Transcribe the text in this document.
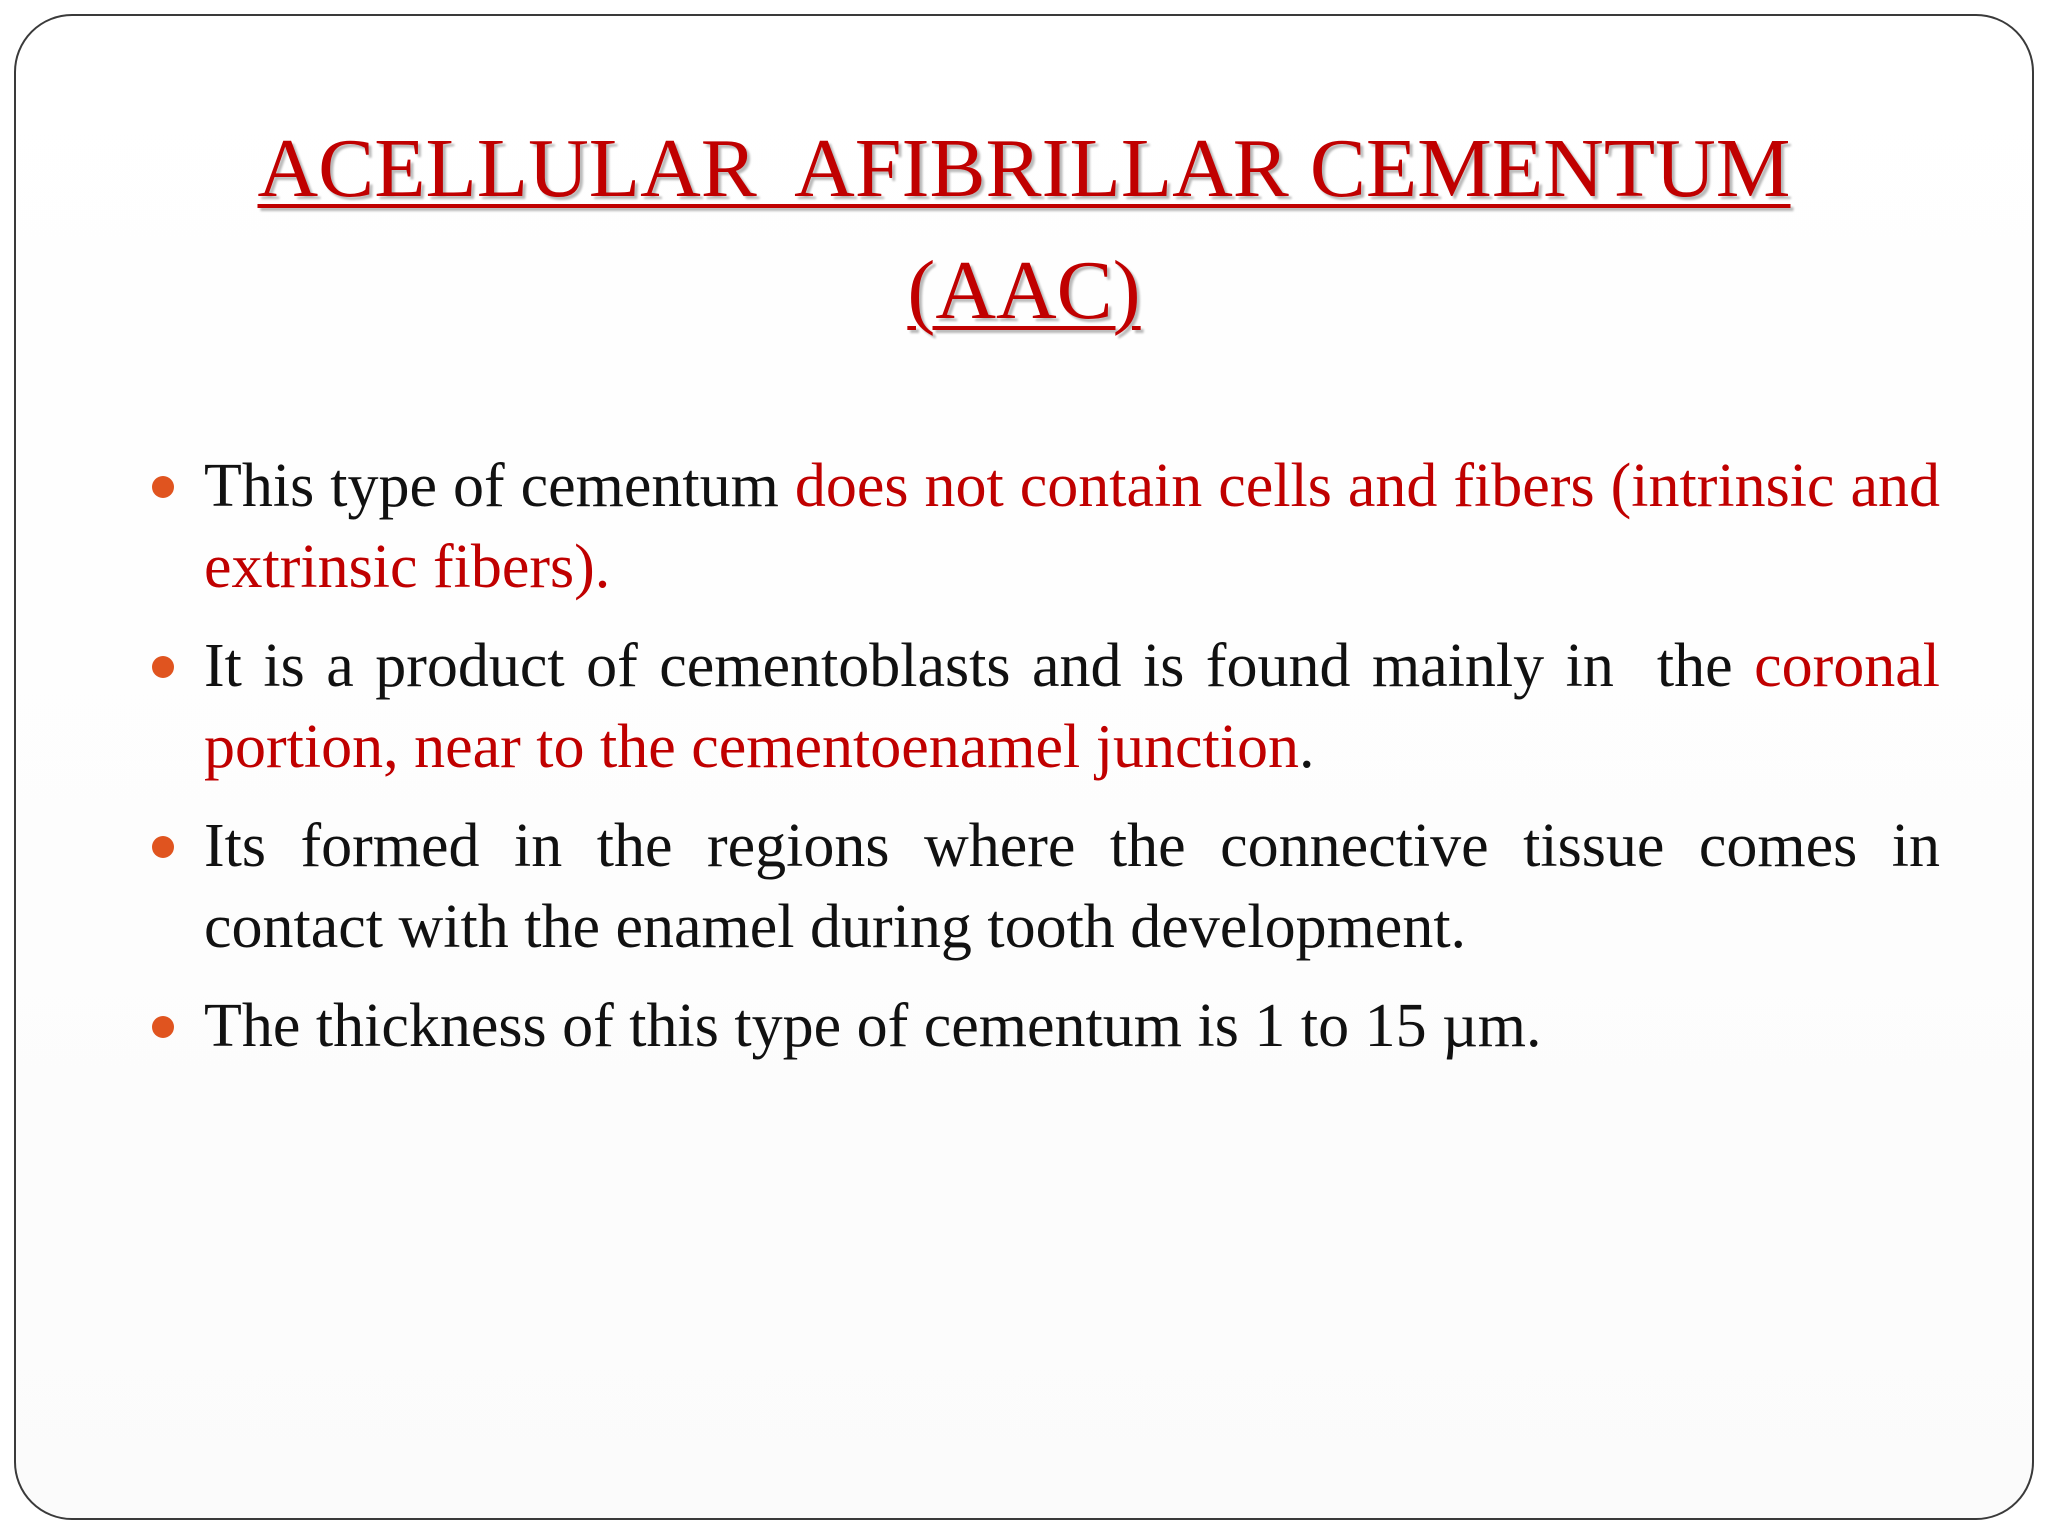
ACELLULAR  AFIBRILLAR CEMENTUM
(AAC)
This type of cementum does not contain cells and fibers (intrinsic and extrinsic fibers).
It is a product of cementoblasts and is found mainly in  the coronal portion, near to the cementoenamel junction.
Its formed in the regions where the connective tissue comes in contact with the enamel during tooth development.
The thickness of this type of cementum is 1 to 15 µm.
